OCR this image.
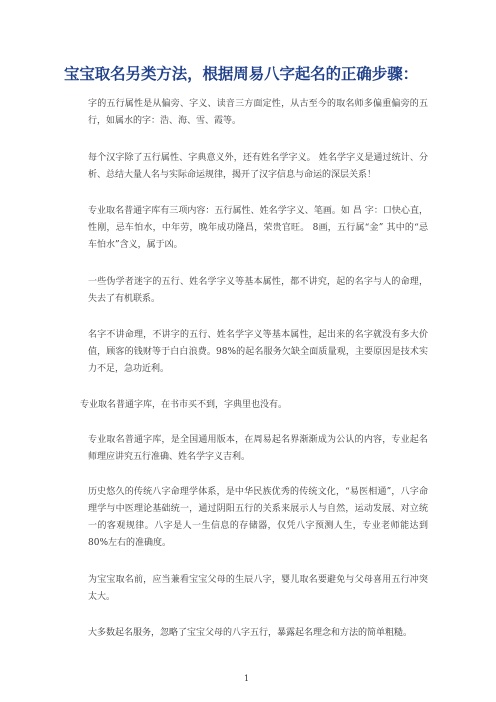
宝宝取名另类方法，根据周易八字起名的正确步骤：

字的五行属性是从偏旁、字义、读音三方面定性，从古至今的取名师多偏重偏旁的五行，如属水的字：浩、海、雪、霞等。

每个汉字除了五行属性、字典意义外，还有姓名学字义。 姓名学字义是通过统计、分析、总结大量人名与实际命运规律，揭开了汉字信息与命运的深层关系！

专业取名普通字库有三项内容：五行属性、姓名学字义、笔画。如 昌 字：口快心直，性刚，忌车怕水，中年劳，晚年成功隆昌，荣贵官旺。 8画，五行属“金” 其中的“忌车怕水”含义，属于凶。

一些伪学者迷字的五行、姓名学字义等基本属性，都不讲究，起的名字与人的命理，失去了有机联系。

名字不讲命理，不讲字的五行、姓名学字义等基本属性，起出来的名字就没有多大价值，顾客的钱财等于白白浪费。98%的起名服务欠缺全面质量观，主要原因是技术实力不足，急功近利。

专业取名普通字库，在书市买不到，字典里也没有。

专业取名普通字库，是全国通用版本，在周易起名界渐渐成为公认的内容，专业起名师理应讲究五行准确、姓名学字义吉利。

历史悠久的传统八字命理学体系，是中华民族优秀的传统文化，“易医相通”，八字命理学与中医理论基础统一，通过阴阳五行的关系来展示人与自然，运动发展、对立统一的客观规律。八字是人一生信息的存储器，仅凭八字预测人生，专业老师能达到80%左右的准确度。

为宝宝取名前，应当兼看宝宝父母的生辰八字，婴儿取名要避免与父母喜用五行冲突太大。

大多数起名服务，忽略了宝宝父母的八字五行，暴露起名理念和方法的简单粗糙。

1
